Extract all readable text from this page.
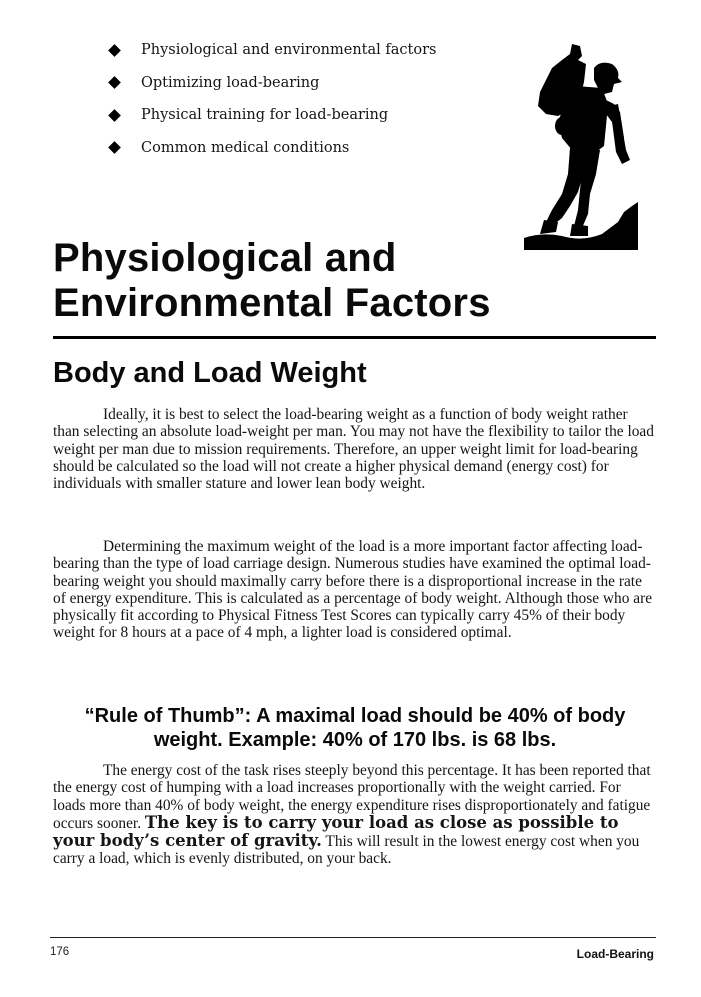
Physiological and environmental factors
Optimizing load-bearing
Physical training for load-bearing
Common medical conditions
Physiological and
Environmental Factors
Body and Load Weight

Ideally, it is best to select the load-bearing weight as a function of body weight rather than selecting an absolute load-weight per man. You may not have the flexibility to tailor the load weight per man due to mission requirements. Therefore, an upper weight limit for load-bearing should be calculated so the load will not create a higher physical demand (energy cost) for individuals with smaller stature and lower lean body weight.

Determining the maximum weight of the load is a more important factor affecting load-bearing than the type of load carriage design. Numerous studies have examined the optimal load-bearing weight you should maximally carry before there is a disproportional increase in the rate of energy expenditure. This is calculated as a percentage of body weight. Although those who are physically fit according to Physical Fitness Test Scores can typically carry 45% of their body weight for 8 hours at a pace of 4 mph, a lighter load is considered optimal.

“Rule of Thumb”: A maximal load should be 40% of body
weight. Example: 40% of 170 lbs. is 68 lbs.

The energy cost of the task rises steeply beyond this percentage. It has been reported that the energy cost of humping with a load increases proportionally with the weight carried. For loads more than 40% of body weight, the energy expenditure rises disproportionately and fatigue occurs sooner. The key is to carry your load as close as possible to your body’s center of gravity. This will result in the lowest energy cost when you carry a load, which is evenly distributed, on your back.

176	Load-Bearing
